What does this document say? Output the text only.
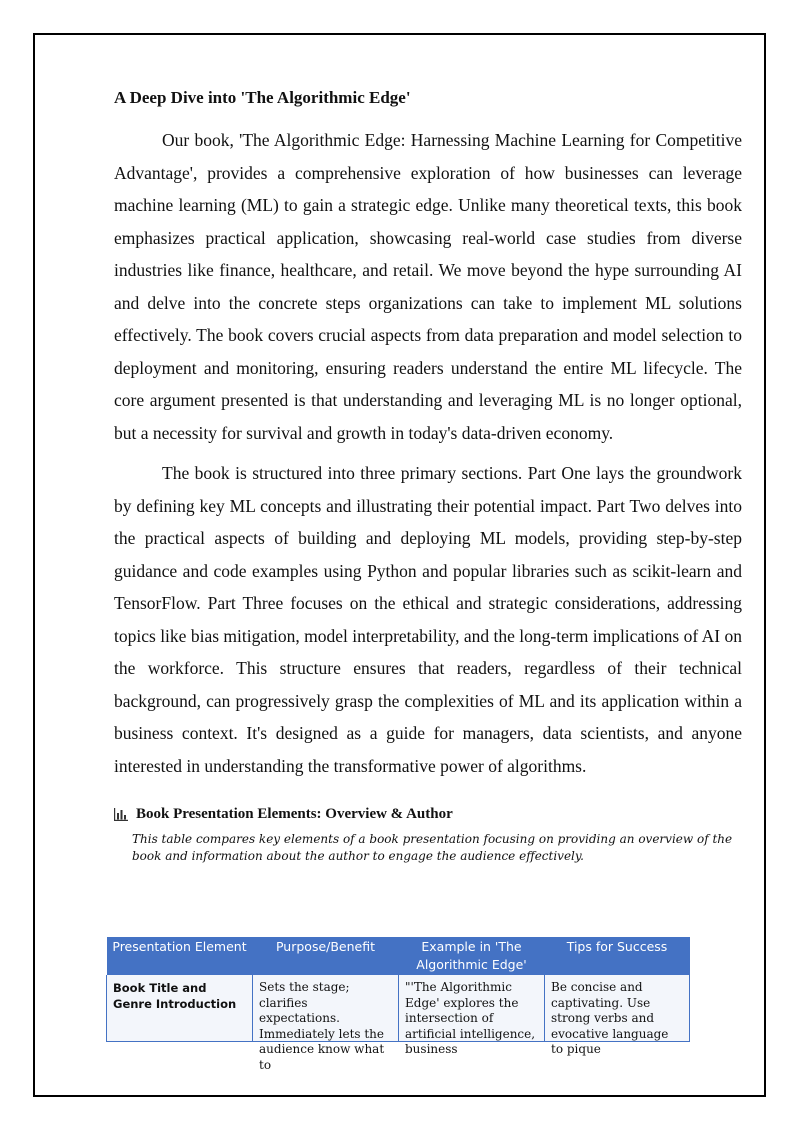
A Deep Dive into 'The Algorithmic Edge'

Our book, 'The Algorithmic Edge: Harnessing Machine Learning for Competitive Advantage', provides a comprehensive exploration of how businesses can leverage machine learning (ML) to gain a strategic edge. Unlike many theoretical texts, this book emphasizes practical application, showcasing real-world case studies from diverse industries like finance, healthcare, and retail. We move beyond the hype surrounding AI and delve into the concrete steps organizations can take to implement ML solutions effectively. The book covers crucial aspects from data preparation and model selection to deployment and monitoring, ensuring readers understand the entire ML lifecycle. The core argument presented is that understanding and leveraging ML is no longer optional, but a necessity for survival and growth in today's data-driven economy.

The book is structured into three primary sections. Part One lays the groundwork by defining key ML concepts and illustrating their potential impact. Part Two delves into the practical aspects of building and deploying ML models, providing step-by-step guidance and code examples using Python and popular libraries such as scikit-learn and TensorFlow. Part Three focuses on the ethical and strategic considerations, addressing topics like bias mitigation, model interpretability, and the long-term implications of AI on the workforce. This structure ensures that readers, regardless of their technical background, can progressively grasp the complexities of ML and its application within a business context. It's designed as a guide for managers, data scientists, and anyone interested in understanding the transformative power of algorithms.

Book Presentation Elements: Overview & Author
This table compares key elements of a book presentation focusing on providing an overview of the book and information about the author to engage the audience effectively.
Presentation Element	Purpose/Benefit	Example in 'The Algorithmic Edge'	Tips for Success

Book Title and Genre Introduction	Sets the stage; clarifies expectations. Immediately lets the audience know what to	"'The Algorithmic Edge' explores the intersection of artificial intelligence, business	Be concise and captivating. Use strong verbs and evocative language to pique
